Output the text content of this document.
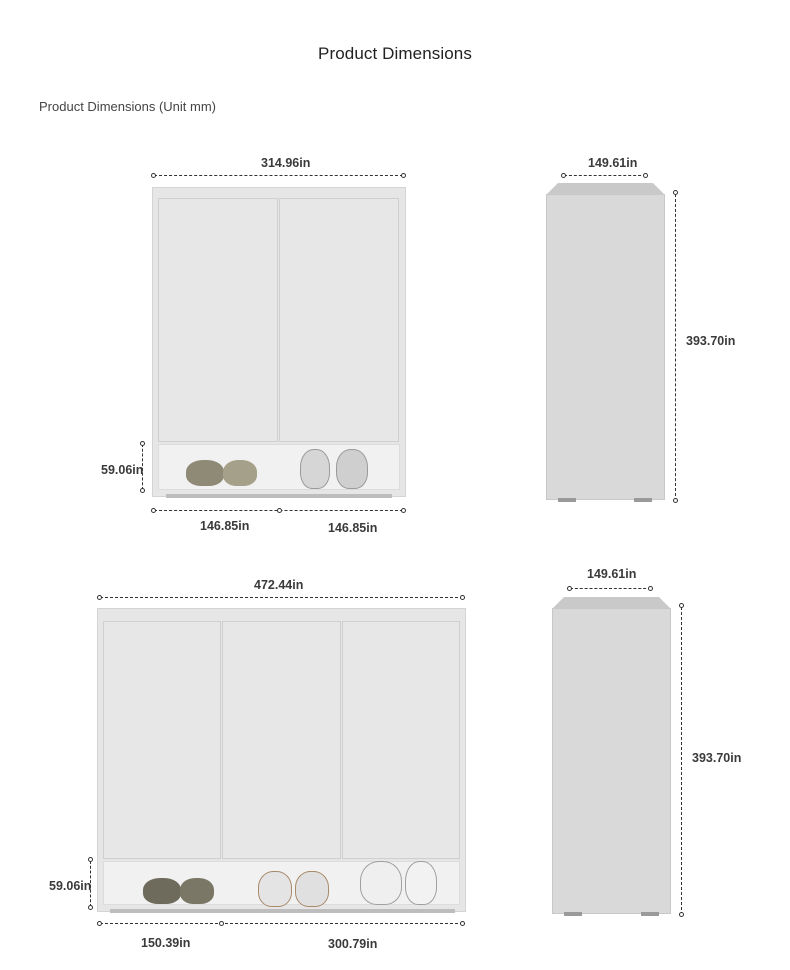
Product Dimensions
Product Dimensions (Unit mm)
314.96in
59.06in
146.85in	146.85in
149.61in
393.70in
472.44in
59.06in
150.39in	300.79in
149.61in
393.70in
